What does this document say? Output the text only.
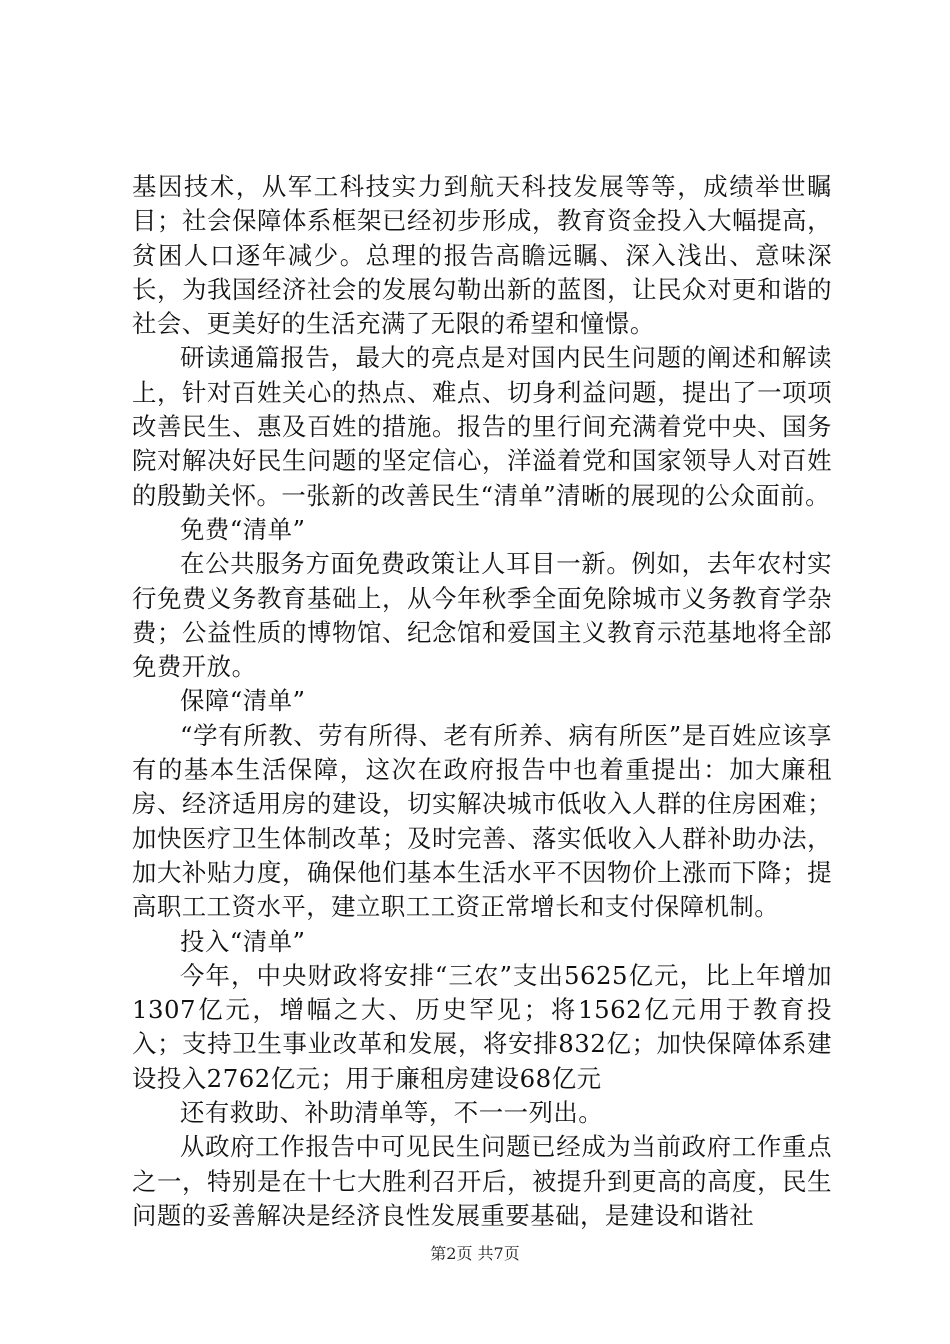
基因技术，从军工科技实力到航天科技发展等等，成绩举世瞩目；社会保障体系框架已经初步形成，教育资金投入大幅提高，贫困人口逐年减少。总理的报告高瞻远瞩、深入浅出、意味深长，为我国经济社会的发展勾勒出新的蓝图，让民众对更和谐的社会、更美好的生活充满了无限的希望和憧憬。

研读通篇报告，最大的亮点是对国内民生问题的阐述和解读上，针对百姓关心的热点、难点、切身利益问题，提出了一项项改善民生、惠及百姓的措施。报告的里行间充满着党中央、国务院对解决好民生问题的坚定信心，洋溢着党和国家领导人对百姓的殷勤关怀。一张新的改善民生“清单”清晰的展现的公众面前。

免费“清单”

在公共服务方面免费政策让人耳目一新。例如，去年农村实行免费义务教育基础上，从今年秋季全面免除城市义务教育学杂费；公益性质的博物馆、纪念馆和爱国主义教育示范基地将全部免费开放。

保障“清单”

“学有所教、劳有所得、老有所养、病有所医”是百姓应该享有的基本生活保障，这次在政府报告中也着重提出：加大廉租房、经济适用房的建设，切实解决城市低收入人群的住房困难；加快医疗卫生体制改革；及时完善、落实低收入人群补助办法，加大补贴力度，确保他们基本生活水平不因物价上涨而下降；提高职工工资水平，建立职工工资正常增长和支付保障机制。

投入“清单”

今年，中央财政将安排“三农”支出5625亿元，比上年增加1307亿元，增幅之大、历史罕见；将1562亿元用于教育投入；支持卫生事业改革和发展，将安排832亿；加快保障体系建设投入2762亿元；用于廉租房建设68亿元

还有救助、补助清单等，不一一列出。

从政府工作报告中可见民生问题已经成为当前政府工作重点之一，特别是在十七大胜利召开后，被提升到更高的高度，民生问题的妥善解决是经济良性发展重要基础，是建设和谐社

第2页 共7页
